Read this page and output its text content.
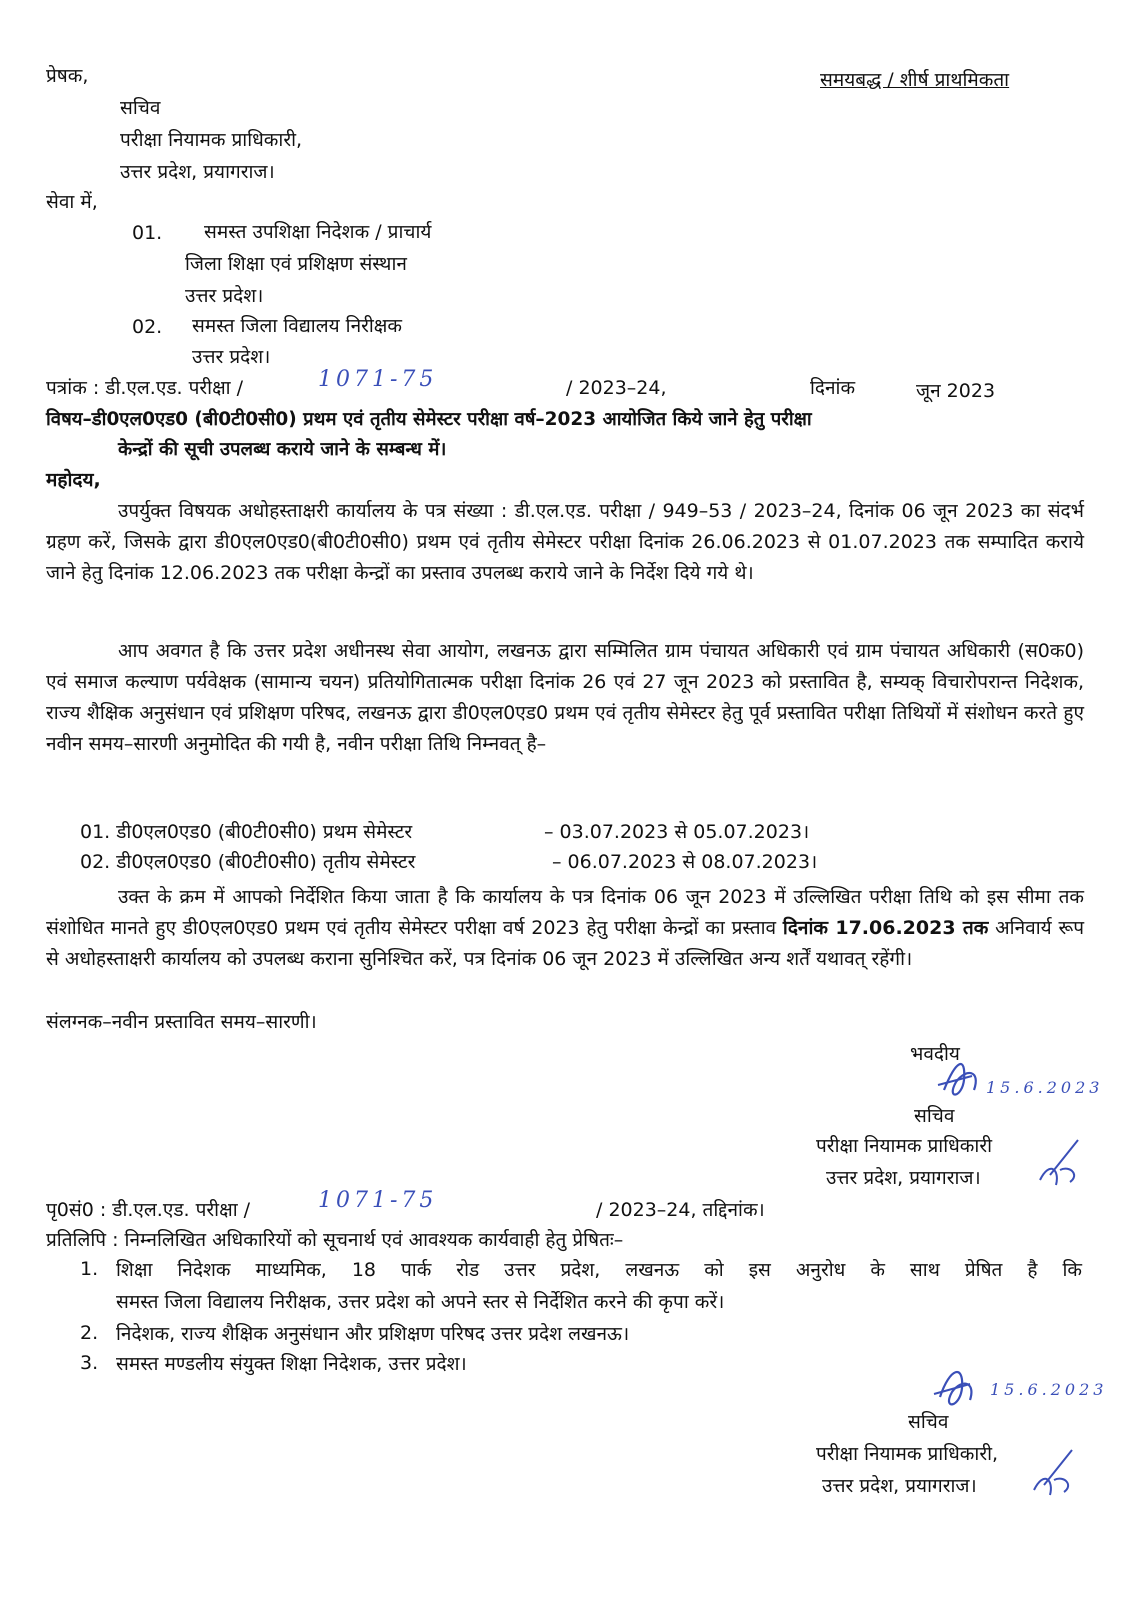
प्रेषक,	समयबद्ध / शीर्ष प्राथमिकता
सचिव
परीक्षा नियामक प्राधिकारी,
उत्तर प्रदेश, प्रयागराज।
सेवा में,
01. समस्त उपशिक्षा निदेशक / प्राचार्य
जिला शिक्षा एवं प्रशिक्षण संस्थान
उत्तर प्रदेश।
02. समस्त जिला विद्यालय निरीक्षक
उत्तर प्रदेश।
पत्रांक : डी.एल.एड. परीक्षा /	1071-75	/ 2023–24,	दिनांक	जून 2023
विषय–डी0एल0एड0 (बी0टी0सी0) प्रथम एवं तृतीय सेमेस्टर परीक्षा वर्ष–2023 आयोजित किये जाने हेतु परीक्षा
केन्द्रों की सूची उपलब्ध कराये जाने के सम्बन्ध में।
महोदय,
उपर्युक्त विषयक अधोहस्ताक्षरी कार्यालय के पत्र संख्या : डी.एल.एड. परीक्षा / 949–53 / 2023–24, दिनांक 06 जून 2023 का संदर्भ ग्रहण करें, जिसके द्वारा डी0एल0एड0(बी0टी0सी0) प्रथम एवं तृतीय सेमेस्टर परीक्षा दिनांक 26.06.2023 से 01.07.2023 तक सम्पादित कराये जाने हेतु दिनांक 12.06.2023 तक परीक्षा केन्द्रों का प्रस्ताव उपलब्ध कराये जाने के निर्देश दिये गये थे।
आप अवगत है कि उत्तर प्रदेश अधीनस्थ सेवा आयोग, लखनऊ द्वारा सम्मिलित ग्राम पंचायत अधिकारी एवं ग्राम पंचायत अधिकारी (स0क0) एवं समाज कल्याण पर्यवेक्षक (सामान्य चयन) प्रतियोगितात्मक परीक्षा दिनांक 26 एवं 27 जून 2023 को प्रस्तावित है, सम्यक् विचारोपरान्त निदेशक, राज्य शैक्षिक अनुसंधान एवं प्रशिक्षण परिषद, लखनऊ द्वारा डी0एल0एड0 प्रथम एवं तृतीय सेमेस्टर हेतु पूर्व प्रस्तावित परीक्षा तिथियों में संशोधन करते हुए नवीन समय–सारणी अनुमोदित की गयी है, नवीन परीक्षा तिथि निम्नवत् है–
01. डी0एल0एड0 (बी0टी0सी0) प्रथम सेमेस्टर	– 03.07.2023 से 05.07.2023।
02. डी0एल0एड0 (बी0टी0सी0) तृतीय सेमेस्टर	– 06.07.2023 से 08.07.2023।
उक्त के क्रम में आपको निर्देशित किया जाता है कि कार्यालय के पत्र दिनांक 06 जून 2023 में उल्लिखित परीक्षा तिथि को इस सीमा तक संशोधित मानते हुए डी0एल0एड0 प्रथम एवं तृतीय सेमेस्टर परीक्षा वर्ष 2023 हेतु परीक्षा केन्द्रों का प्रस्ताव दिनांक 17.06.2023 तक अनिवार्य रूप से अधोहस्ताक्षरी कार्यालय को उपलब्ध कराना सुनिश्चित करें, पत्र दिनांक 06 जून 2023 में उल्लिखित अन्य शर्तें यथावत् रहेंगी।
संलग्नक–नवीन प्रस्तावित समय–सारणी।
भवदीय
15.6.2023
सचिव
परीक्षा नियामक प्राधिकारी
उत्तर प्रदेश, प्रयागराज।
पृ0सं0 : डी.एल.एड. परीक्षा /	1071-75	/ 2023–24, तद्दिनांक।
प्रतिलिपि : निम्नलिखित अधिकारियों को सूचनार्थ एवं आवश्यक कार्यवाही हेतु प्रेषितः–
1. शिक्षा निदेशक माध्यमिक, 18 पार्क रोड उत्तर प्रदेश, लखनऊ को इस अनुरोध के साथ प्रेषित है कि
समस्त जिला विद्यालय निरीक्षक, उत्तर प्रदेश को अपने स्तर से निर्देशित करने की कृपा करें।
2. निदेशक, राज्य शैक्षिक अनुसंधान और प्रशिक्षण परिषद उत्तर प्रदेश लखनऊ।
3. समस्त मण्डलीय संयुक्त शिक्षा निदेशक, उत्तर प्रदेश।
15.6.2023
सचिव
परीक्षा नियामक प्राधिकारी,
उत्तर प्रदेश, प्रयागराज।
